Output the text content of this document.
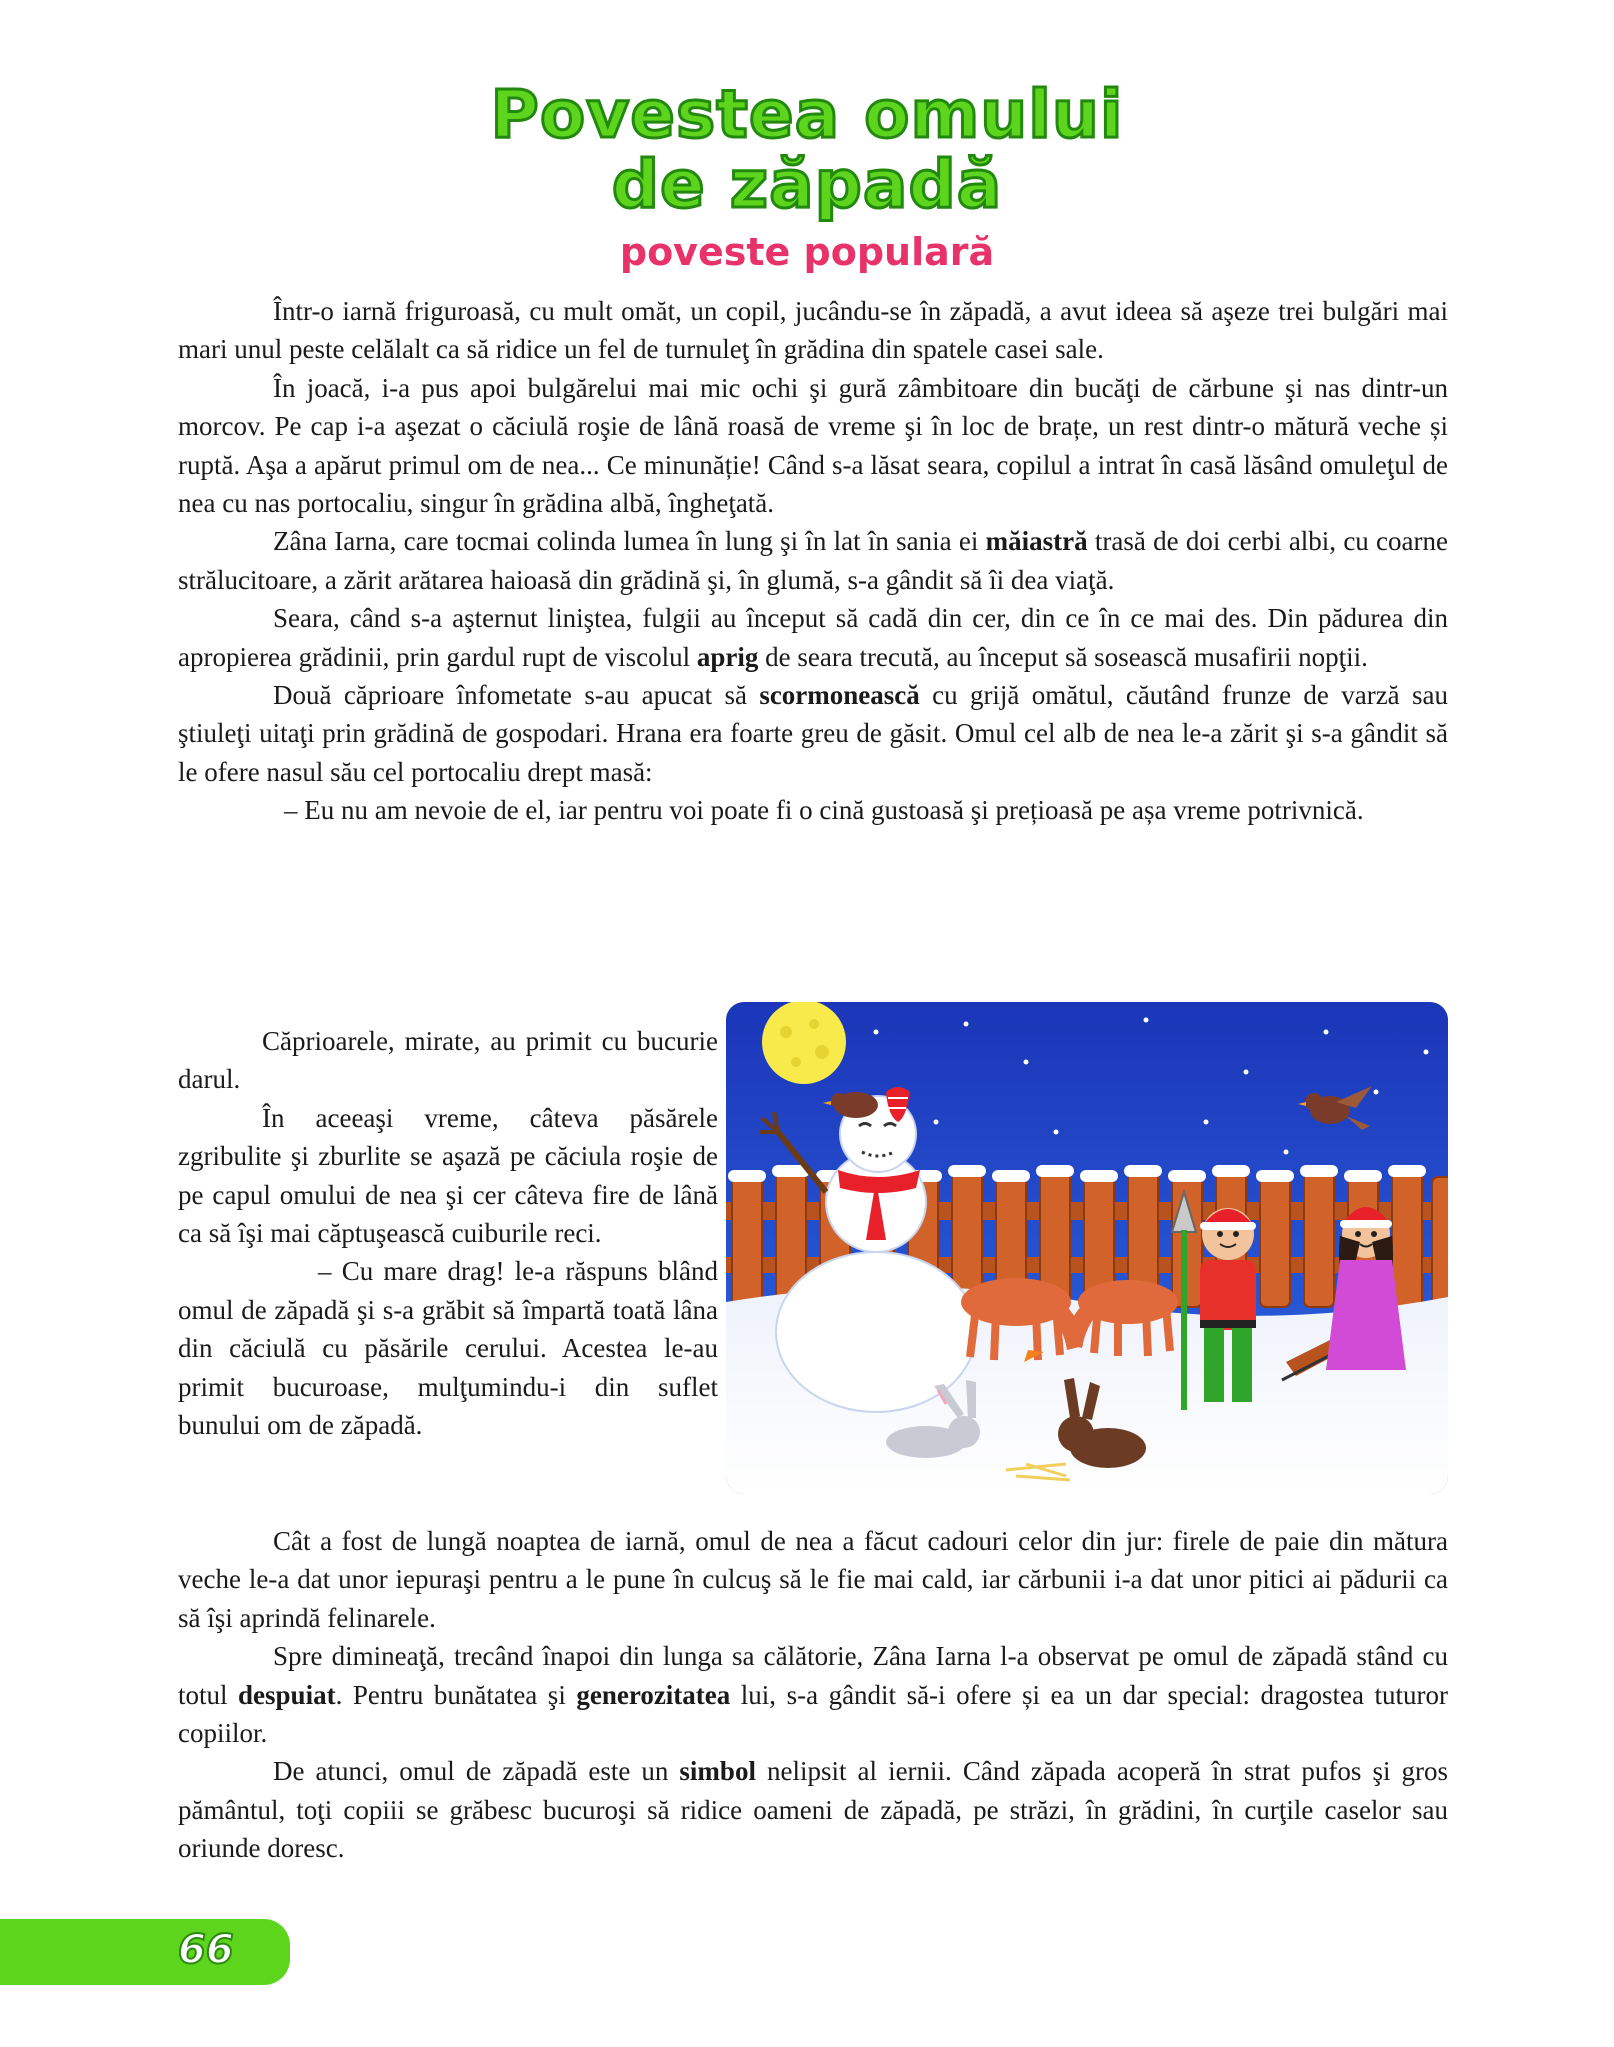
Povestea omului
de zăpadă
poveste populară

Într-o iarnă friguroasă, cu mult omăt, un copil, jucându-se în zăpadă, a avut ideea să aşeze trei bulgări mai mari unul peste celălalt ca să ridice un fel de turnuleţ în grădina din spatele casei sale.

În joacă, i-a pus apoi bulgărelui mai mic ochi şi gură zâmbitoare din bucăţi de cărbune şi nas dintr-un morcov. Pe cap i-a aşezat o căciulă roşie de lână roasă de vreme şi în loc de brațe, un rest dintr-o mătură veche și ruptă. Aşa a apărut primul om de nea... Ce minunăție! Când s-a lăsat seara, copilul a intrat în casă lăsând omuleţul de nea cu nas portocaliu, singur în grădina albă, îngheţată.

Zâna Iarna, care tocmai colinda lumea în lung şi în lat în sania ei măiastră trasă de doi cerbi albi, cu coarne strălucitoare, a zărit arătarea haioasă din grădină şi, în glumă, s-a gândit să îi dea viaţă.

Seara, când s-a aşternut liniştea, fulgii au început să cadă din cer, din ce în ce mai des. Din pădurea din apropierea grădinii, prin gardul rupt de viscolul aprig de seara trecută, au început să sosească musafirii nopţii.

Două căprioare înfometate s-au apucat să scormonească cu grijă omătul, căutând frunze de varză sau ştiuleţi uitaţi prin grădină de gospodari. Hrana era foarte greu de găsit. Omul cel alb de nea le-a zărit şi s-a gândit să le ofere nasul său cel portocaliu drept masă:

– Eu nu am nevoie de el, iar pentru voi poate fi o cină gustoasă şi prețioasă pe așa vreme potrivnică.

Căprioarele, mirate, au primit cu bucurie darul.

În aceeaşi vreme, câteva păsărele zgribulite şi zburlite se aşază pe căciula roşie de pe capul omului de nea şi cer câteva fire de lână ca să îşi mai căptuşească cuiburile reci.

– Cu mare drag! le-a răspuns blând omul de zăpadă şi s-a grăbit să împartă toată lâna din căciulă cu păsările cerului. Acestea le-au primit bucuroase, mulţumindu-i din suflet bunului om de zăpadă.

Cât a fost de lungă noaptea de iarnă, omul de nea a făcut cadouri celor din jur: firele de paie din mătura veche le-a dat unor iepuraşi pentru a le pune în culcuş să le fie mai cald, iar cărbunii i-a dat unor pitici ai pădurii ca să îşi aprindă felinarele.

Spre dimineaţă, trecând înapoi din lunga sa călătorie, Zâna Iarna l-a observat pe omul de zăpadă stând cu totul despuiat. Pentru bunătatea şi generozitatea lui, s-a gândit să-i ofere și ea un dar special: dragostea tuturor copiilor.

De atunci, omul de zăpadă este un simbol nelipsit al iernii. Când zăpada acoperă în strat pufos şi gros pământul, toţi copiii se grăbesc bucuroşi să ridice oameni de zăpadă, pe străzi, în grădini, în curţile caselor sau oriunde doresc.

66
